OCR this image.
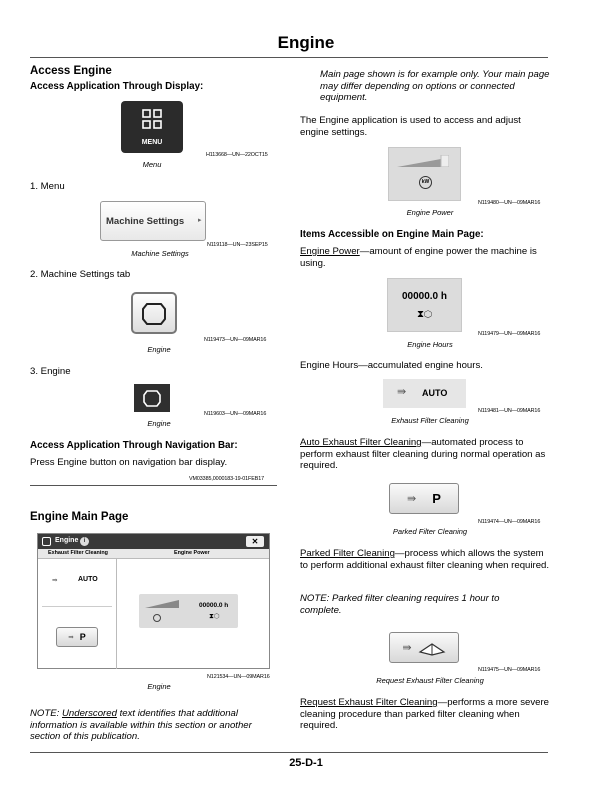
Engine
Access Engine
Access Application Through Display:
MENU
H113668—UN—22OCT15
Menu
1. Menu
Machine Settings ▸
N119118—UN—23SEP15
Machine Settings
2. Machine Settings tab
N119473—UN—09MAR16
Engine
3. Engine
N119603—UN—09MAR16
Engine
Access Application Through Navigation Bar:
Press Engine button on navigation bar display.
VM03385,0000183-19-01FEB17
Engine Main Page
Engine i	✕
Exhaust Filter Cleaning	Engine Power
⇛	AUTO
⇛ P
00000.0 h
⧗⬡
N121534—UN—09MAR16
Engine
NOTE: Underscored text identifies that additional information is available within this section or another section of this publication.
Main page shown is for example only. Your main page may differ depending on options or connected equipment.
The Engine application is used to access and adjust engine settings.
kW
N119480—UN—09MAR16
Engine Power
Items Accessible on Engine Main Page:
Engine Power—amount of engine power the machine is using.
00000.0 h
⧗⬡
N119479—UN—09MAR16
Engine Hours
Engine Hours—accumulated engine hours.
⇛ AUTO
N119481—UN—09MAR16
Exhaust Filter Cleaning
Auto Exhaust Filter Cleaning—automated process to perform exhaust filter cleaning during normal operation as required.
⇛ P
N119474—UN—09MAR16
Parked Filter Cleaning
Parked Filter Cleaning—process which allows the system to perform additional exhaust filter cleaning when required.
NOTE: Parked filter cleaning requires 1 hour to complete.
⇛
N119475—UN—09MAR16
Request Exhaust Filter Cleaning
Request Exhaust Filter Cleaning—performs a more severe cleaning procedure than parked filter cleaning when required.
25-D-1
